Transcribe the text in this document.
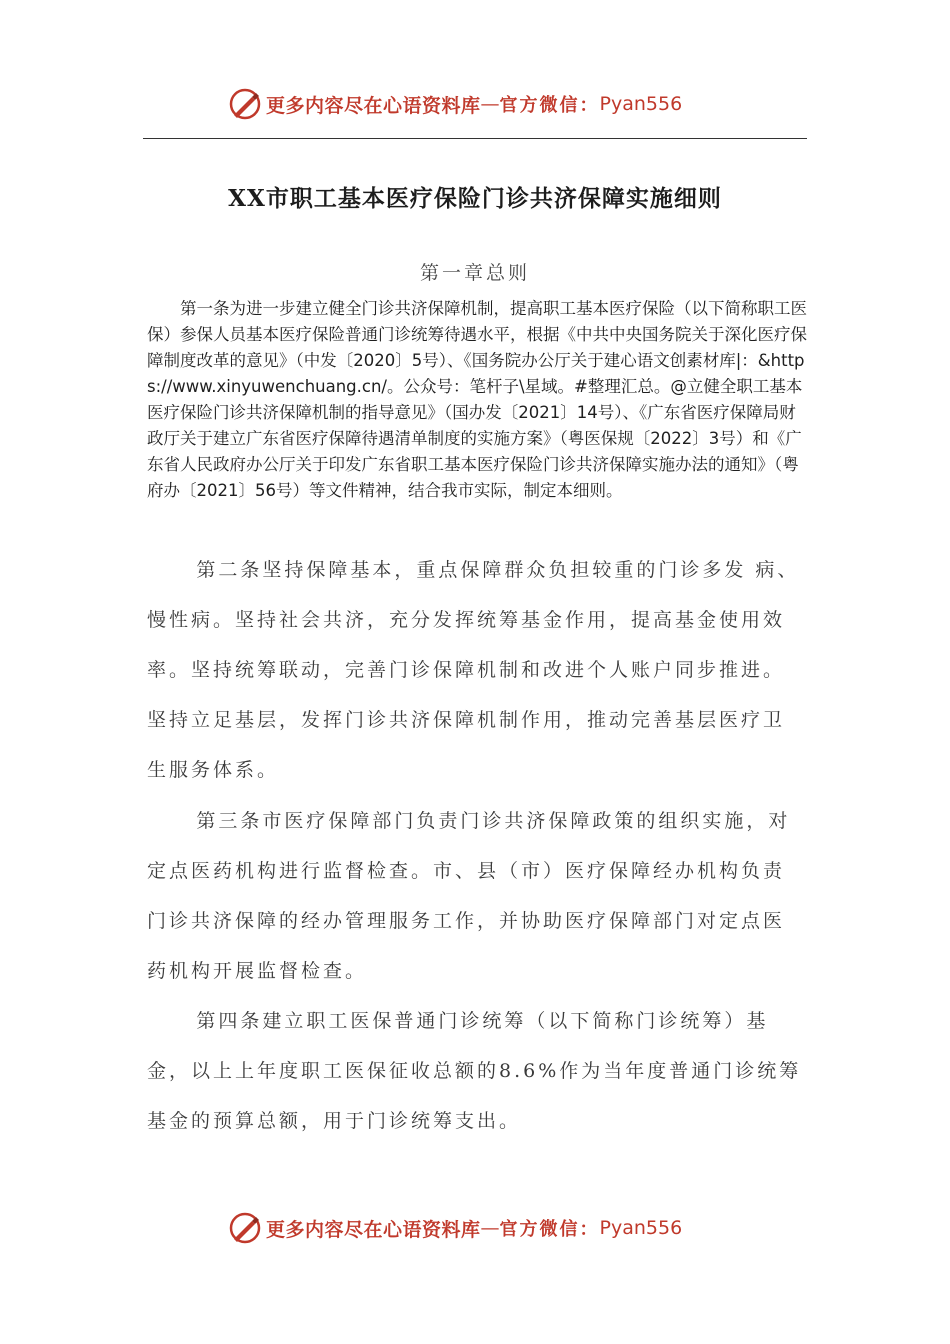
更多内容尽在心语资料库 — 官方微信： Pyan556
XX市职工基本医疗保险门诊共济保障实施细则
第一章总则

第一条为进一步建立健全门诊共济保障机制，提高职工基本医疗保险（以下简称职工医保）参保人员基本医疗保险普通门诊统筹待遇水平，根据《中共中央国务院关于深化医疗保障制度改革的意见》（中发〔2020〕5号）、《国务院办公厅关于建心语文创素材库|：&https://www.xinyuwenchuang.cn/。公众号：笔杆子\星域。#整理汇总。@立健全职工基本医疗保险门诊共济保障机制的指导意见》（国办发〔2021〕14号）、《广东省医疗保障局财政厅关于建立广东省医疗保障待遇清单制度的实施方案》（粤医保规〔2022〕3号）和《广东省人民政府办公厅关于印发广东省职工基本医疗保险门诊共济保障实施办法的通知》（粤府办〔2021〕56号）等文件精神，结合我市实际，制定本细则。

第二条坚持保障基本，重点保障群众负担较重的门诊多发 病、慢性病。坚持社会共济，充分发挥统筹基金作用，提高基金使用效率。坚持统筹联动，完善门诊保障机制和改进个人账户同步推进。坚持立足基层，发挥门诊共济保障机制作用，推动完善基层医疗卫生服务体系。

第三条市医疗保障部门负责门诊共济保障政策的组织实施，对定点医药机构进行监督检查。市、县（市）医疗保障经办机构负责门诊共济保障的经办管理服务工作，并协助医疗保障部门对定点医药机构开展监督检查。

第四条建立职工医保普通门诊统筹（以下简称门诊统筹）基金，以上上年度职工医保征收总额的8.6%作为当年度普通门诊统筹基金的预算总额，用于门诊统筹支出。

更多内容尽在心语资料库 — 官方微信： Pyan556
